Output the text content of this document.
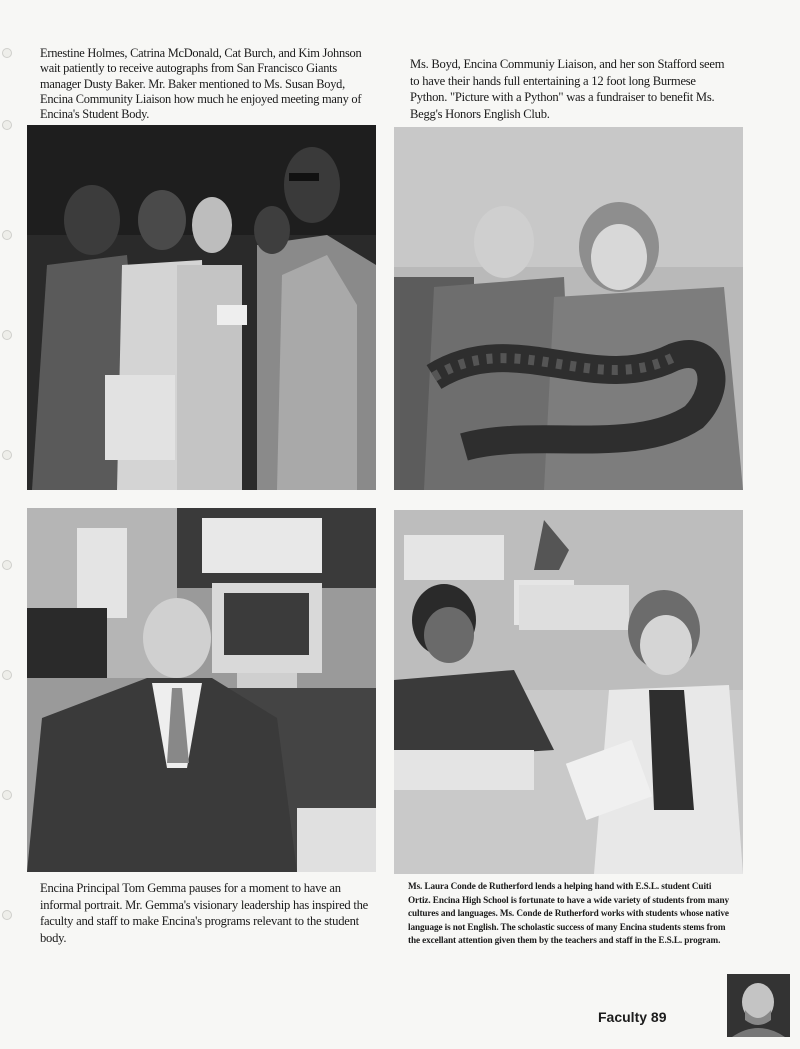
Ernestine Holmes, Catrina McDonald, Cat Burch, and Kim Johnson wait patiently to receive autographs from San Francisco Giants manager Dusty Baker. Mr. Baker mentioned to Ms. Susan Boyd, Encina Community Liaison how much he enjoyed meeting many of Encina's Student Body.

Ms. Boyd, Encina Communiy Liaison, and her son Stafford seem to have their hands full entertaining a 12 foot long Burmese Python. "Picture with a Python" was a fundraiser to benefit Ms. Begg's Honors English Club.

Encina Principal Tom Gemma pauses for a moment to have an informal portrait. Mr. Gemma's visionary leadership has inspired the faculty and staff to make Encina's programs relevant to the student body.

Ms. Laura Conde de Rutherford lends a helping hand with E.S.L. student Cuiti Ortiz. Encina High School is fortunate to have a wide variety of students from many cultures and languages. Ms. Conde de Rutherford works with students whose native language is not English. The scholastic success of many Encina students stems from the excellant attention given them by the teachers and staff in the E.S.L. program.

Faculty 89
